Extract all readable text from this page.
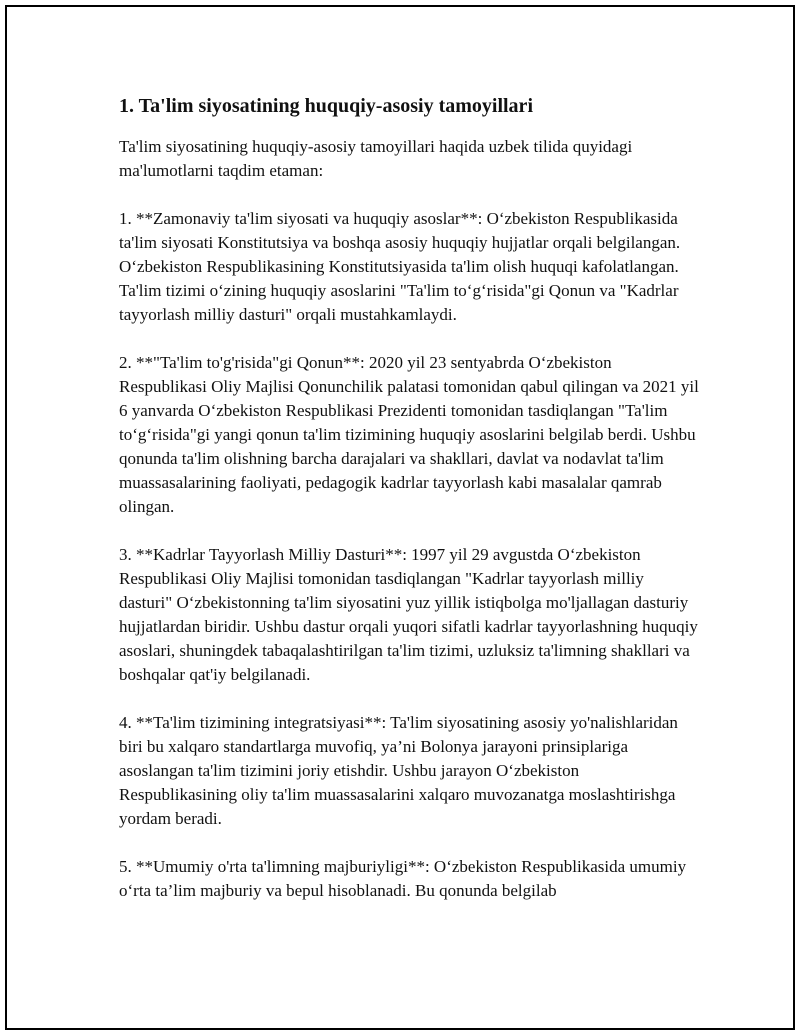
1. Ta'lim siyosatining huquqiy-asosiy tamoyillari

Ta'lim siyosatining huquqiy-asosiy tamoyillari haqida uzbek tilida quyidagi ma'lumotlarni taqdim etaman:

1. **Zamonaviy ta'lim siyosati va huquqiy asoslar**: O‘zbekiston Respublikasida ta'lim siyosati Konstitutsiya va boshqa asosiy huquqiy hujjatlar orqali belgilangan. O‘zbekiston Respublikasining Konstitutsiyasida ta'lim olish huquqi kafolatlangan. Ta'lim tizimi o‘zining huquqiy asoslarini "Ta'lim to‘g‘risida"gi Qonun va "Kadrlar tayyorlash milliy dasturi" orqali mustahkamlaydi.

2. **"Ta'lim to'g'risida"gi Qonun**: 2020 yil 23 sentyabrda O‘zbekiston Respublikasi Oliy Majlisi Qonunchilik palatasi tomonidan qabul qilingan va 2021 yil 6 yanvarda O‘zbekiston Respublikasi Prezidenti tomonidan tasdiqlangan "Ta'lim to‘g‘risida"gi yangi qonun ta'lim tizimining huquqiy asoslarini belgilab berdi. Ushbu qonunda ta'lim olishning barcha darajalari va shakllari, davlat va nodavlat ta'lim muassasalarining faoliyati, pedagogik kadrlar tayyorlash kabi masalalar qamrab olingan.

3. **Kadrlar Tayyorlash Milliy Dasturi**: 1997 yil 29 avgustda O‘zbekiston Respublikasi Oliy Majlisi tomonidan tasdiqlangan "Kadrlar tayyorlash milliy dasturi" O‘zbekistonning ta'lim siyosatini yuz yillik istiqbolga mo'ljallagan dasturiy hujjatlardan biridir. Ushbu dastur orqali yuqori sifatli kadrlar tayyorlashning huquqiy asoslari, shuningdek tabaqalashtirilgan ta'lim tizimi, uzluksiz ta'limning shakllari va boshqalar qat'iy belgilanadi.

4. **Ta'lim tizimining integratsiyasi**: Ta'lim siyosatining asosiy yo'nalishlaridan biri bu xalqaro standartlarga muvofiq, ya’ni Bolonya jarayoni prinsiplariga asoslangan ta'lim tizimini joriy etishdir. Ushbu jarayon O‘zbekiston Respublikasining oliy ta'lim muassasalarini xalqaro muvozanatga moslashtirishga yordam beradi.

5. **Umumiy o'rta ta'limning majburiyligi**: O‘zbekiston Respublikasida umumiy o‘rta ta’lim majburiy va bepul hisoblanadi. Bu qonunda belgilab
